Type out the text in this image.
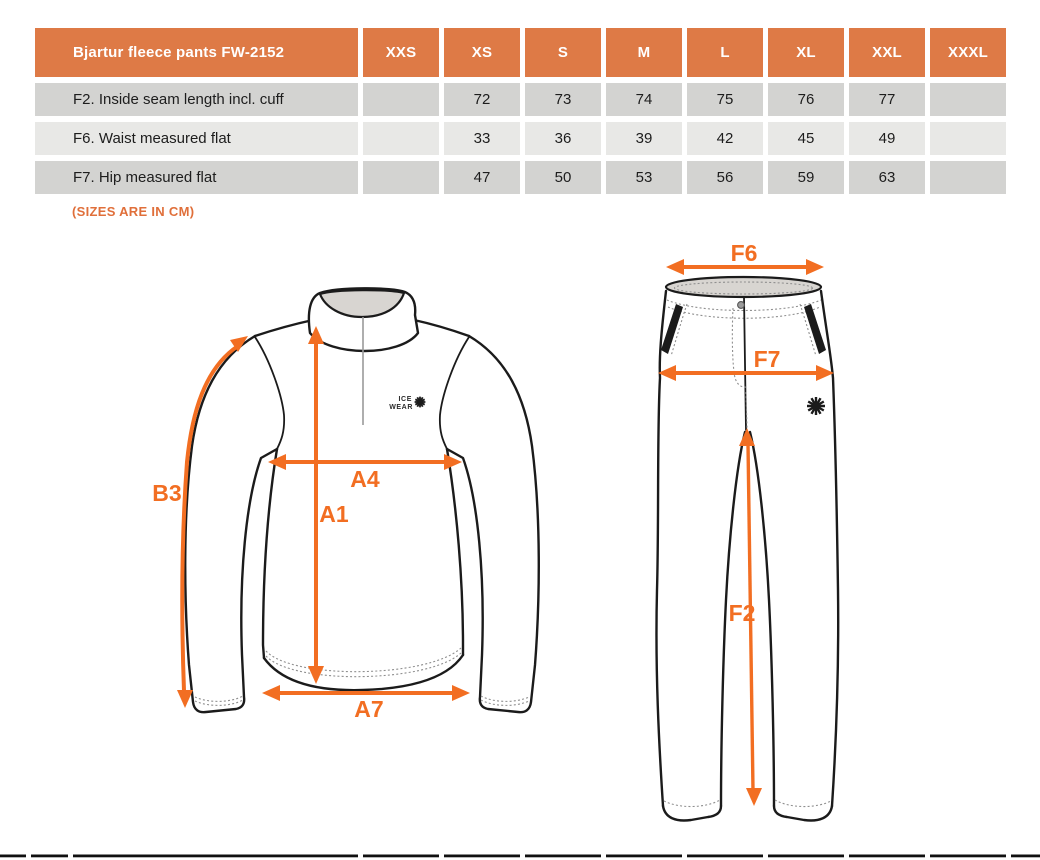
Bjartur fleece pants FW-2152	XXS	XS	S	M	L	XL	XXL	XXXL
F2. Inside seam length incl. cuff		72	73	74	75	76	77	
F6. Waist measured flat		33	36	39	42	45	49	
F7. Hip measured flat		47	50	53	56	59	63	
(SIZES ARE IN CM)
ICE
WEAR
B3
A4
A1
A7
F6
F7
F2
